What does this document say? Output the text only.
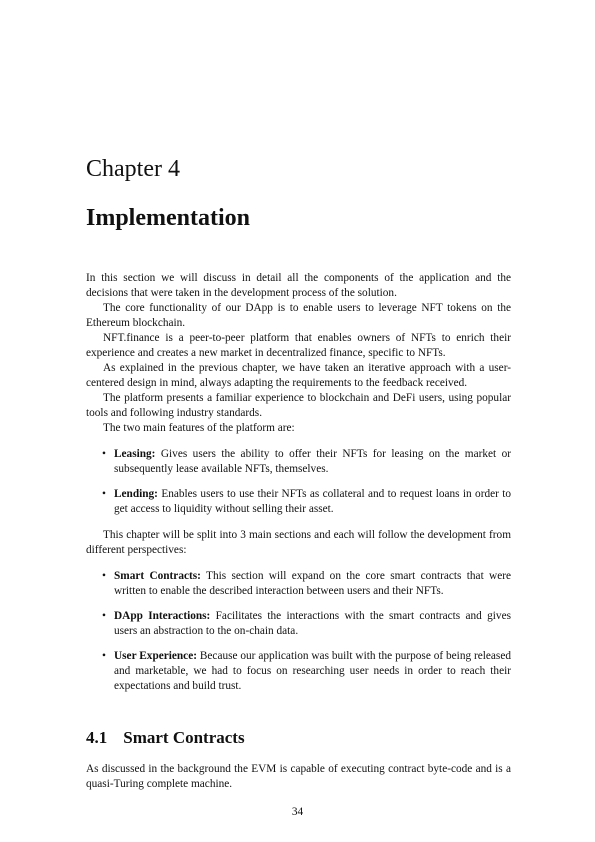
Chapter 4
Implementation

In this section we will discuss in detail all the components of the application and the decisions that were taken in the development process of the solution.

The core functionality of our DApp is to enable users to leverage NFT tokens on the Ethereum blockchain.

NFT.finance is a peer-to-peer platform that enables owners of NFTs to enrich their experience and creates a new market in decentralized finance, specific to NFTs.

As explained in the previous chapter, we have taken an iterative approach with a user-centered design in mind, always adapting the requirements to the feedback received.

The platform presents a familiar experience to blockchain and DeFi users, using popular tools and following industry standards.

The two main features of the platform are:

• Leasing: Gives users the ability to offer their NFTs for leasing on the market or subsequently lease available NFTs, themselves.
• Lending: Enables users to use their NFTs as collateral and to request loans in order to get access to liquidity without selling their asset.

This chapter will be split into 3 main sections and each will follow the development from different perspectives:

• Smart Contracts: This section will expand on the core smart contracts that were written to enable the described interaction between users and their NFTs.
• DApp Interactions: Facilitates the interactions with the smart contracts and gives users an abstraction to the on-chain data.
• User Experience: Because our application was built with the purpose of being released and marketable, we had to focus on researching user needs in order to reach their expectations and build trust.
4.1 Smart Contracts

As discussed in the background the EVM is capable of executing contract byte-code and is a quasi-Turing complete machine.

34
